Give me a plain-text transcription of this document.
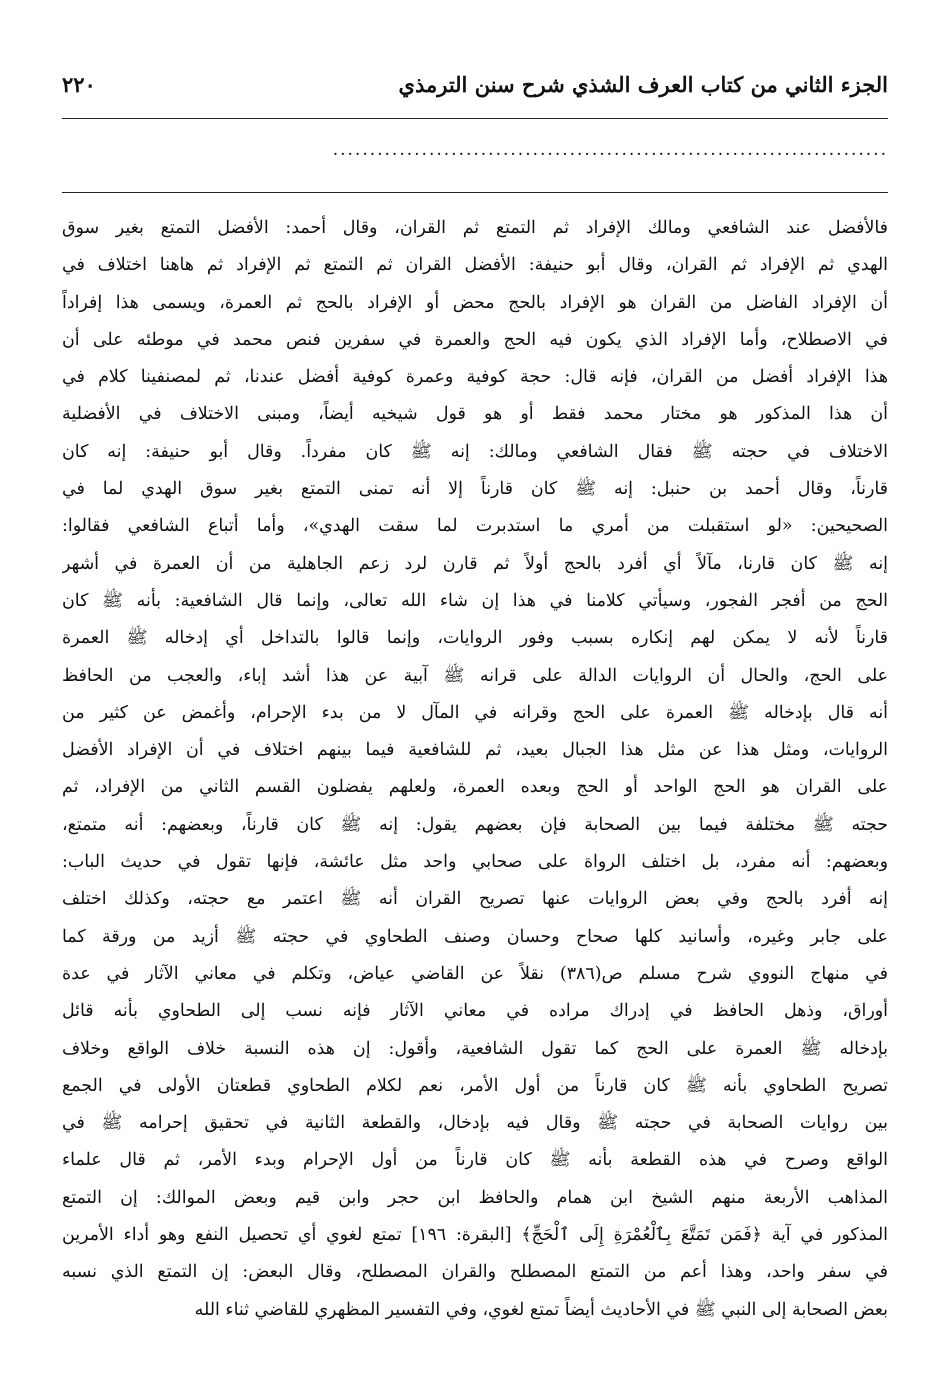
الجزء الثاني من كتاب العرف الشذي شرح سنن الترمذي
٢٢٠
...........................................................................
فالأفضل عند الشافعي ومالك الإفراد ثم التمتع ثم القران، وقال أحمد: الأفضل التمتع بغير سوق
الهدي ثم الإفراد ثم القران، وقال أبو حنيفة: الأفضل القران ثم التمتع ثم الإفراد ثم هاهنا اختلاف في
أن الإفراد الفاضل من القران هو الإفراد بالحج محض أو الإفراد بالحج ثم العمرة، ويسمى هذا إفراداً
في الاصطلاح، وأما الإفراد الذي يكون فيه الحج والعمرة في سفرين فنص محمد في موطئه على أن
هذا الإفراد أفضل من القران، فإنه قال: حجة كوفية وعمرة كوفية أفضل عندنا، ثم لمصنفينا كلام في
أن هذا المذكور هو مختار محمد فقط أو هو قول شيخيه أيضاً، ومبنى الاختلاف في الأفضلية
الاختلاف في حجته ﷺ فقال الشافعي ومالك: إنه ﷺ كان مفرداً. وقال أبو حنيفة: إنه كان
قارناً، وقال أحمد بن حنبل: إنه ﷺ كان قارناً إلا أنه تمنى التمتع بغير سوق الهدي لما في
الصحيحين: «لو استقبلت من أمري ما استدبرت لما سقت الهدي»، وأما أتباع الشافعي فقالوا:
إنه ﷺ كان قارنا، مآلاً أي أفرد بالحج أولاً ثم قارن لرد زعم الجاهلية من أن العمرة في أشهر
الحج من أفجر الفجور، وسيأتي كلامنا في هذا إن شاء الله تعالى، وإنما قال الشافعية: بأنه ﷺ كان
قارناً لأنه لا يمكن لهم إنكاره بسبب وفور الروايات، وإنما قالوا بالتداخل أي إدخاله ﷺ العمرة
على الحج، والحال أن الروايات الدالة على قرانه ﷺ آبية عن هذا أشد إباء، والعجب من الحافظ
أنه قال بإدخاله ﷺ العمرة على الحج وقرانه في المآل لا من بدء الإحرام، وأغمض عن كثير من
الروايات، ومثل هذا عن مثل هذا الجبال بعيد، ثم للشافعية فيما بينهم اختلاف في أن الإفراد الأفضل
على القران هو الحج الواحد أو الحج وبعده العمرة، ولعلهم يفضلون القسم الثاني من الإفراد، ثم
حجته ﷺ مختلفة فيما بين الصحابة فإن بعضهم يقول: إنه ﷺ كان قارناً، وبعضهم: أنه متمتع،
وبعضهم: أنه مفرد، بل اختلف الرواة على صحابي واحد مثل عائشة، فإنها تقول في حديث الباب:
إنه أفرد بالحج وفي بعض الروايات عنها تصريح القران أنه ﷺ اعتمر مع حجته، وكذلك اختلف
على جابر وغيره، وأسانيد كلها صحاح وحسان وصنف الطحاوي في حجته ﷺ أزيد من ورقة كما
في منهاج النووي شرح مسلم ص(٣٨٦) نقلاً عن القاضي عياض، وتكلم في معاني الآثار في عدة
أوراق، وذهل الحافظ في إدراك مراده في معاني الآثار فإنه نسب إلى الطحاوي بأنه قائل
بإدخاله ﷺ العمرة على الحج كما تقول الشافعية، وأقول: إن هذه النسبة خلاف الواقع وخلاف
تصريح الطحاوي بأنه ﷺ كان قارناً من أول الأمر، نعم لكلام الطحاوي قطعتان الأولى في الجمع
بين روايات الصحابة في حجته ﷺ وقال فيه بإدخال، والقطعة الثانية في تحقيق إحرامه ﷺ في
الواقع وصرح في هذه القطعة بأنه ﷺ كان قارناً من أول الإحرام وبدء الأمر، ثم قال علماء
المذاهب الأربعة منهم الشيخ ابن همام والحافظ ابن حجر وابن قيم وبعض الموالك: إن التمتع
المذكور في آية ﴿فَمَن تَمَتَّعَ بِٱلْعُمْرَةِ إِلَى ٱلْحَجِّ﴾ [البقرة: ١٩٦] تمتع لغوي أي تحصيل النفع وهو أداء الأمرين
في سفر واحد، وهذا أعم من التمتع المصطلح والقران المصطلح، وقال البعض: إن التمتع الذي نسبه
بعض الصحابة إلى النبي ﷺ في الأحاديث أيضاً تمتع لغوي، وفي التفسير المظهري للقاضي ثناء الله
